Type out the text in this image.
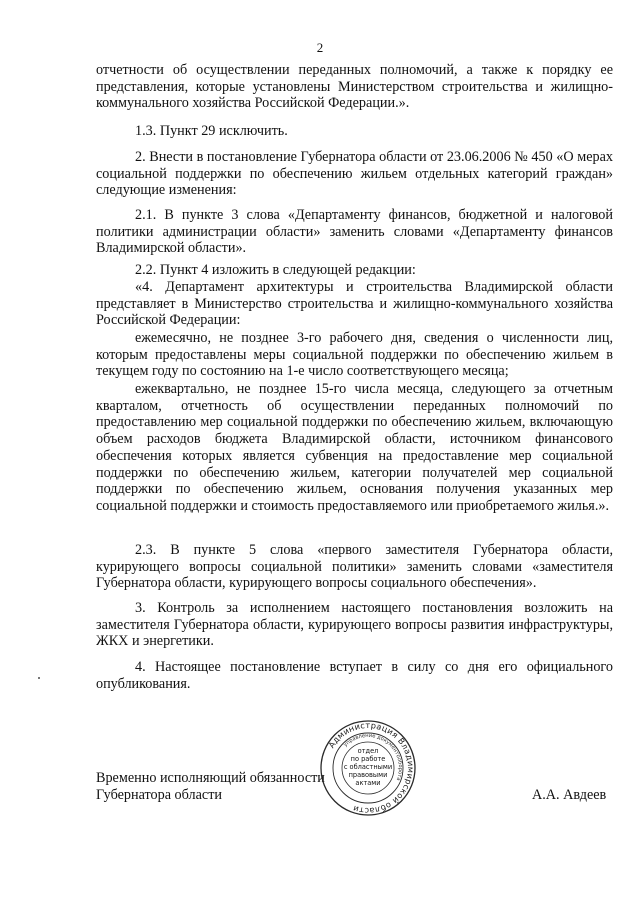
2

отчетности об осуществлении переданных полномочий, а также к порядку ее представления, которые установлены Министерством строительства и жилищно-коммунального хозяйства Российской Федерации.».

1.3. Пункт 29 исключить.

2. Внести в постановление Губернатора области от 23.06.2006 № 450 «О мерах социальной поддержки по обеспечению жильем отдельных категорий граждан» следующие изменения:

2.1. В пункте 3 слова «Департаменту финансов, бюджетной и налоговой политики администрации области» заменить словами «Департаменту финансов Владимирской области».

2.2. Пункт 4 изложить в следующей редакции:

«4. Департамент архитектуры и строительства Владимирской области представляет в Министерство строительства и жилищно-коммунального хозяйства Российской Федерации:

ежемесячно, не позднее 3-го рабочего дня, сведения о численности лиц, которым предоставлены меры социальной поддержки по обеспечению жильем в текущем году по состоянию на 1-е число соответствующего месяца;

ежеквартально, не позднее 15-го числа месяца, следующего за отчетным кварталом, отчетность об осуществлении переданных полномочий по предоставлению мер социальной поддержки по обеспечению жильем, включающую объем расходов бюджета Владимирской области, источником финансового обеспечения которых является субвенция на предоставление мер социальной поддержки по обеспечению жильем, категории получателей мер социальной поддержки по обеспечению жильем, основания получения указанных мер социальной поддержки и стоимость предоставляемого или приобретаемого жилья.».

2.3. В пункте 5 слова «первого заместителя Губернатора области, курирующего вопросы социальной политики» заменить словами «заместителя Губернатора области, курирующего вопросы социального обеспечения».

3. Контроль за исполнением настоящего постановления возложить на заместителя Губернатора области, курирующего вопросы развития инфраструктуры, ЖКХ и энергетики.

4. Настоящее постановление вступает в силу со дня его официального опубликования.

Администрация Владимирской области
управление документооборота
отдел
по работе
с областными
правовыми
актами
Временно исполняющий обязанности
Губернатора области	А.А. Авдеев
